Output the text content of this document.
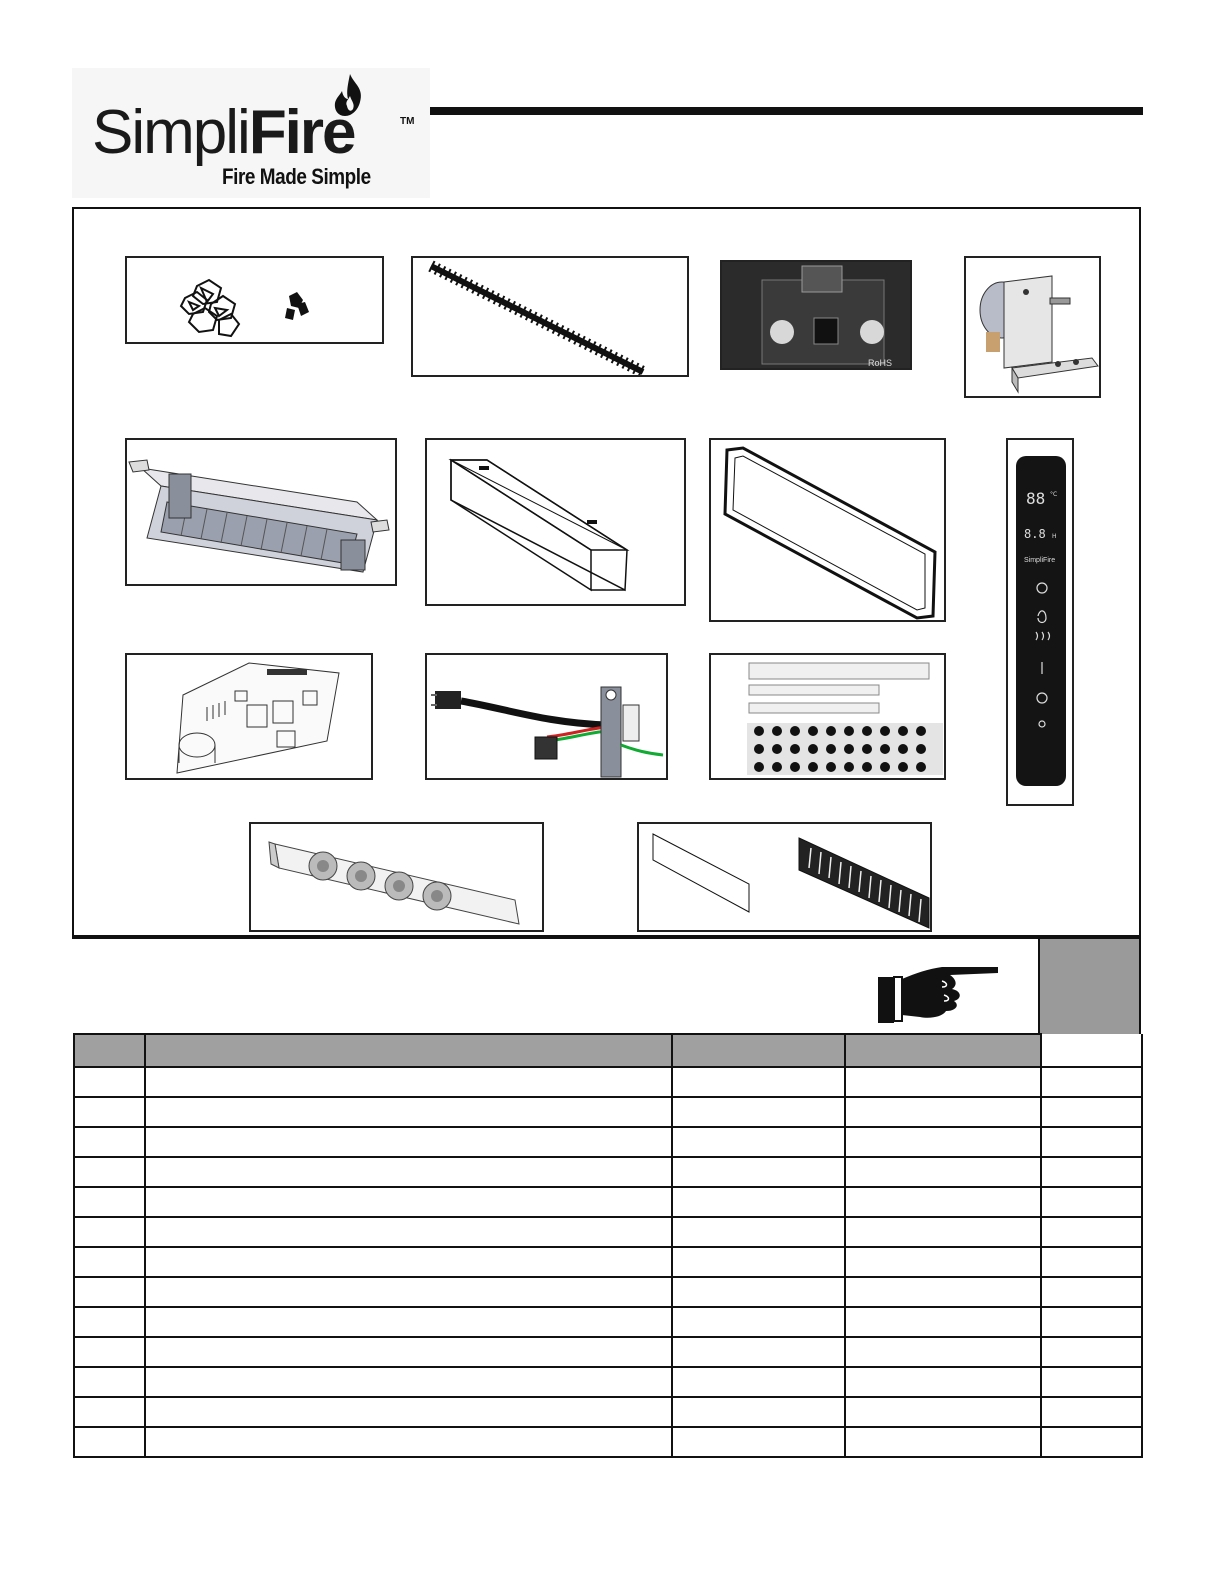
SimpliFire	TM
Fire Made Simple
RoHS
88 °C
8.8 H
SimpliFire
